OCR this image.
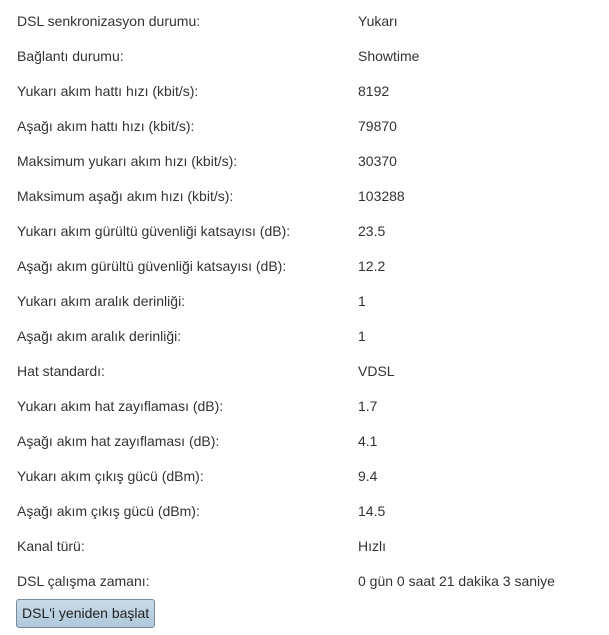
DSL senkronizasyon durumu:	Yukarı
Bağlantı durumu:	Showtime
Yukarı akım hattı hızı (kbit/s):	8192
Aşağı akım hattı hızı (kbit/s):	79870
Maksimum yukarı akım hızı (kbit/s):	30370
Maksimum aşağı akım hızı (kbit/s):	103288
Yukarı akım gürültü güvenliği katsayısı (dB):	23.5
Aşağı akım gürültü güvenliği katsayısı (dB):	12.2
Yukarı akım aralık derinliği:	1
Aşağı akım aralık derinliği:	1
Hat standardı:	VDSL
Yukarı akım hat zayıflaması (dB):	1.7
Aşağı akım hat zayıflaması (dB):	4.1
Yukarı akım çıkış gücü (dBm):	9.4
Aşağı akım çıkış gücü (dBm):	14.5
Kanal türü:	Hızlı
DSL çalışma zamanı:	0 gün 0 saat 21 dakika 3 saniye
DSL'i yeniden başlat
